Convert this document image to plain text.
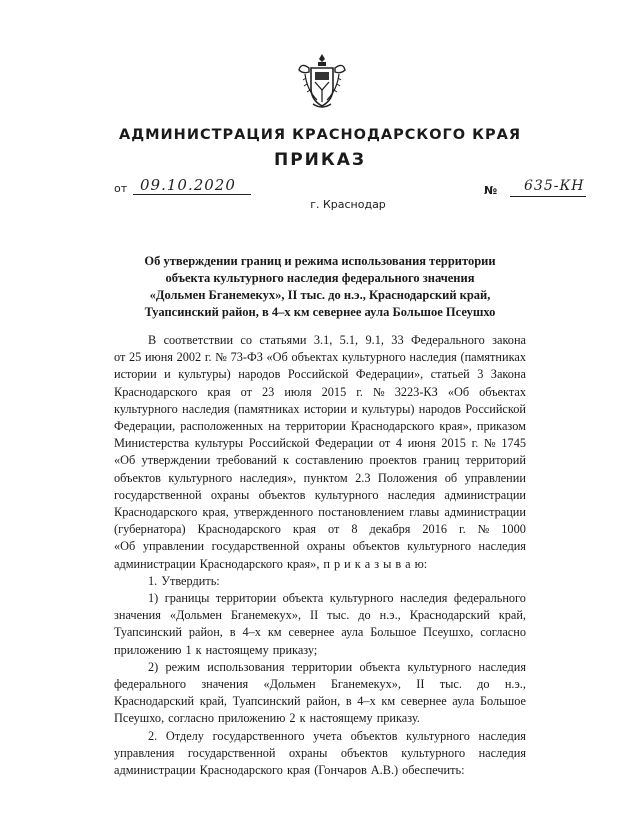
АДМИНИСТРАЦИЯ КРАСНОДАРСКОГО КРАЯ
ПРИКАЗ
от 09.10.2020	№ 635-КН
г. Краснодар
Об утверждении границ и режима использования территории
объекта культурного наследия федерального значения
«Дольмен Бганемекух», II тыс. до н.э., Краснодарский край,
Туапсинский район, в 4–х км севернее аула Большое Псеушхо
В соответствии со статьями 3.1, 5.1, 9.1, 33 Федерального закона
от 25 июня 2002 г. № 73-ФЗ «Об объектах культурного наследия (памятниках
истории и культуры) народов Российской Федерации», статьей 3 Закона
Краснодарского края от 23 июля 2015 г. № 3223-КЗ «Об объектах
культурного наследия (памятниках истории и культуры) народов Российской
Федерации, расположенных на территории Краснодарского края», приказом
Министерства культуры Российской Федерации от 4 июня 2015 г. № 1745
«Об утверждении требований к составлению проектов границ территорий
объектов культурного наследия», пунктом 2.3 Положения об управлении
государственной охраны объектов культурного наследия администрации
Краснодарского края, утвержденного постановлением главы администрации
(губернатора) Краснодарского края от 8 декабря 2016 г. № 1000
«Об управлении государственной охраны объектов культурного наследия
администрации Краснодарского края», п р и к а з ы в а ю:
1. Утвердить:
1) границы территории объекта культурного наследия федерального
значения «Дольмен Бганемекух», II тыс. до н.э., Краснодарский край,
Туапсинский район, в 4–х км севернее аула Большое Псеушхо, согласно
приложению 1 к настоящему приказу;
2) режим использования территории объекта культурного наследия
федерального значения «Дольмен Бганемекух», II тыс. до н.э.,
Краснодарский край, Туапсинский район, в 4–х км севернее аула Большое
Псеушхо, согласно приложению 2 к настоящему приказу.
2. Отделу государственного учета объектов культурного наследия
управления государственной охраны объектов культурного наследия
администрации Краснодарского края (Гончаров А.В.) обеспечить:
